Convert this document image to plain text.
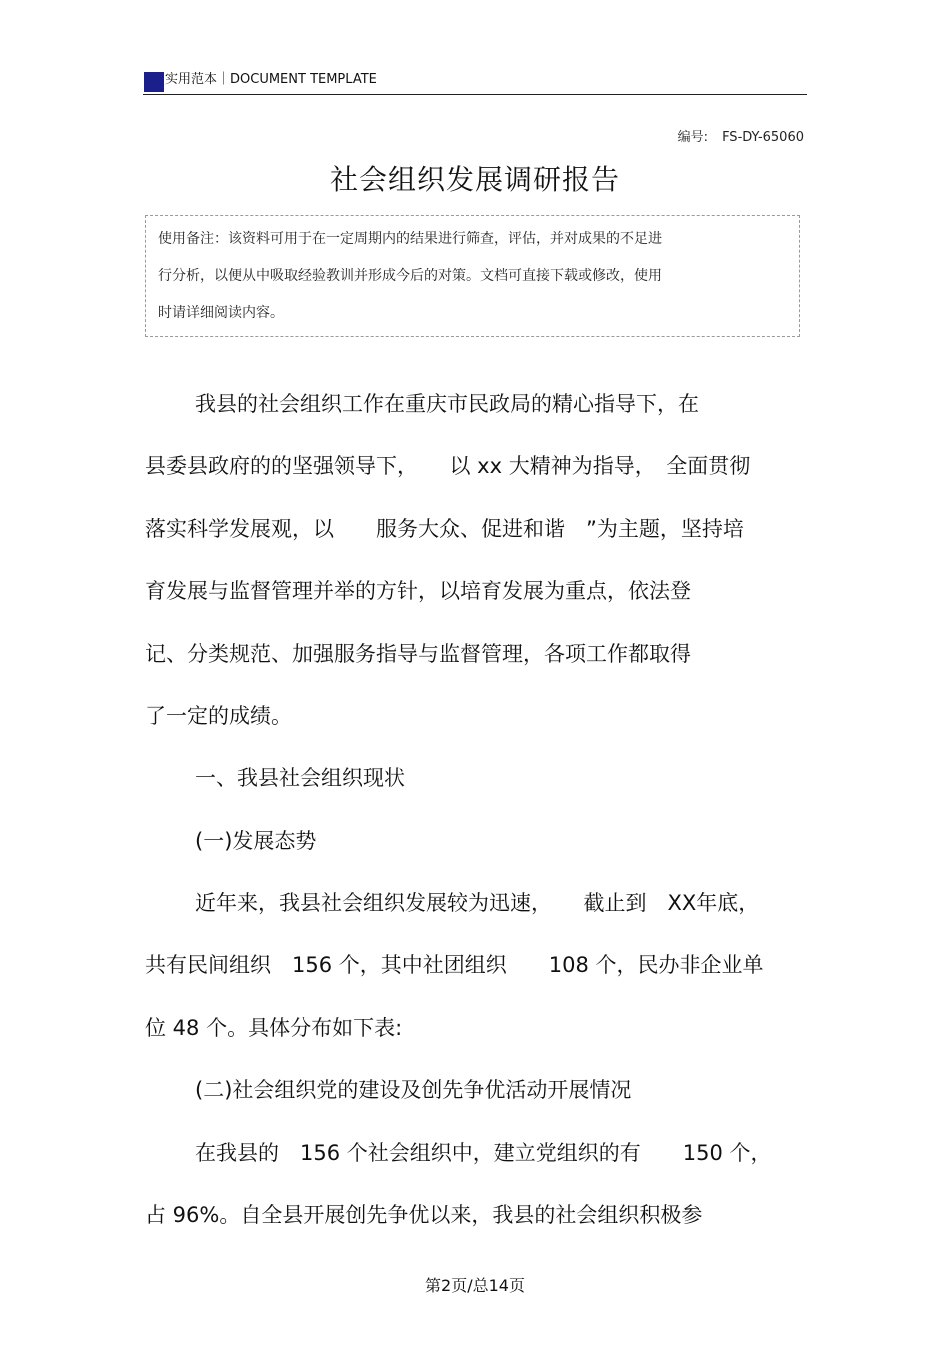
实用范本｜DOCUMENT TEMPLATE
编号: FS-DY-65060
社会组织发展调研报告
使用备注：该资料可用于在一定周期内的结果进行筛查，评估，并对成果的不足进
行分析，以便从中吸取经验教训并形成今后的对策。文档可直接下载或修改，使用
时请详细阅读内容。
我县的社会组织工作在重庆市民政局的精心指导下，在
县委县政府的的坚强领导下，　　以 xx 大精神为指导，　全面贯彻
落实科学发展观，以　　服务大众、促进和谐　”为主题，坚持培
育发展与监督管理并举的方针，以培育发展为重点，依法登
记、分类规范、加强服务指导与监督管理，各项工作都取得
了一定的成绩。
一、我县社会组织现状
(一)发展态势
近年来，我县社会组织发展较为迅速，　　截止到　XX年底，
共有民间组织　156 个，其中社团组织　　108 个，民办非企业单
位 48 个。具体分布如下表:
(二)社会组织党的建设及创先争优活动开展情况
在我县的　156 个社会组织中，建立党组织的有　　150 个，
占 96%。自全县开展创先争优以来，我县的社会组织积极参
第2页/总14页
